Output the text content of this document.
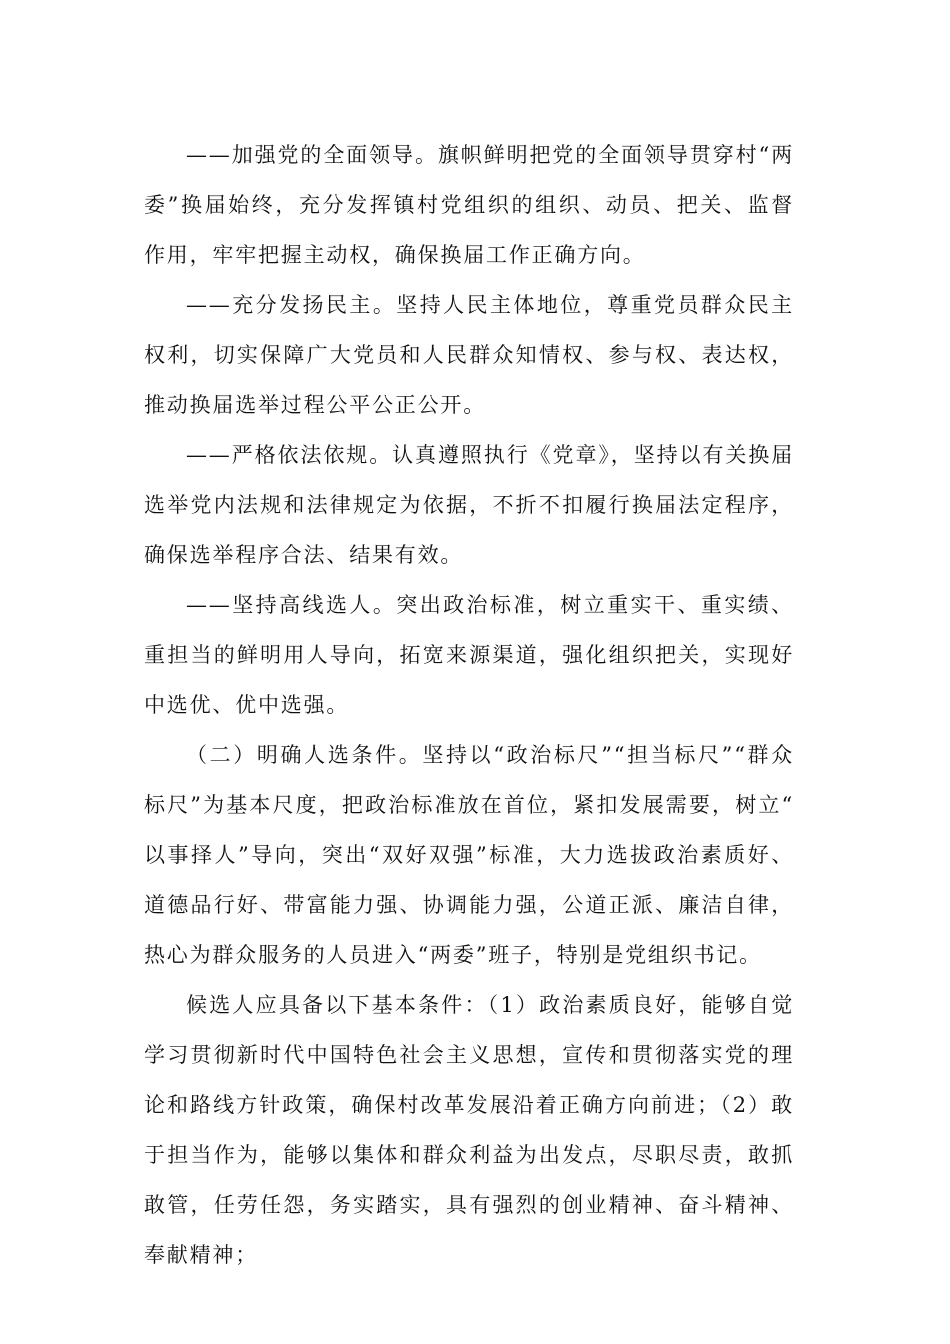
——加强党的全面领导。旗帜鲜明把党的全面领导贯穿村“两委”换届始终，充分发挥镇村党组织的组织、动员、把关、监督作用，牢牢把握主动权，确保换届工作正确方向。

——充分发扬民主。坚持人民主体地位，尊重党员群众民主权利，切实保障广大党员和人民群众知情权、参与权、表达权，推动换届选举过程公平公正公开。

——严格依法依规。认真遵照执行《党章》，坚持以有关换届选举党内法规和法律规定为依据，不折不扣履行换届法定程序，确保选举程序合法、结果有效。

——坚持高线选人。突出政治标准，树立重实干、重实绩、重担当的鲜明用人导向，拓宽来源渠道，强化组织把关，实现好中选优、优中选强。

（二）明确人选条件。坚持以“政治标尺”“担当标尺”“群众标尺”为基本尺度，把政治标准放在首位，紧扣发展需要，树立“以事择人”导向，突出“双好双强”标准，大力选拔政治素质好、道德品行好、带富能力强、协调能力强，公道正派、廉洁自律，热心为群众服务的人员进入“两委”班子，特别是党组织书记。

候选人应具备以下基本条件：（1）政治素质良好，能够自觉学习贯彻新时代中国特色社会主义思想，宣传和贯彻落实党的理论和路线方针政策，确保村改革发展沿着正确方向前进；（2）敢于担当作为，能够以集体和群众利益为出发点，尽职尽责，敢抓敢管，任劳任怨，务实踏实，具有强烈的创业精神、奋斗精神、奉献精神；
